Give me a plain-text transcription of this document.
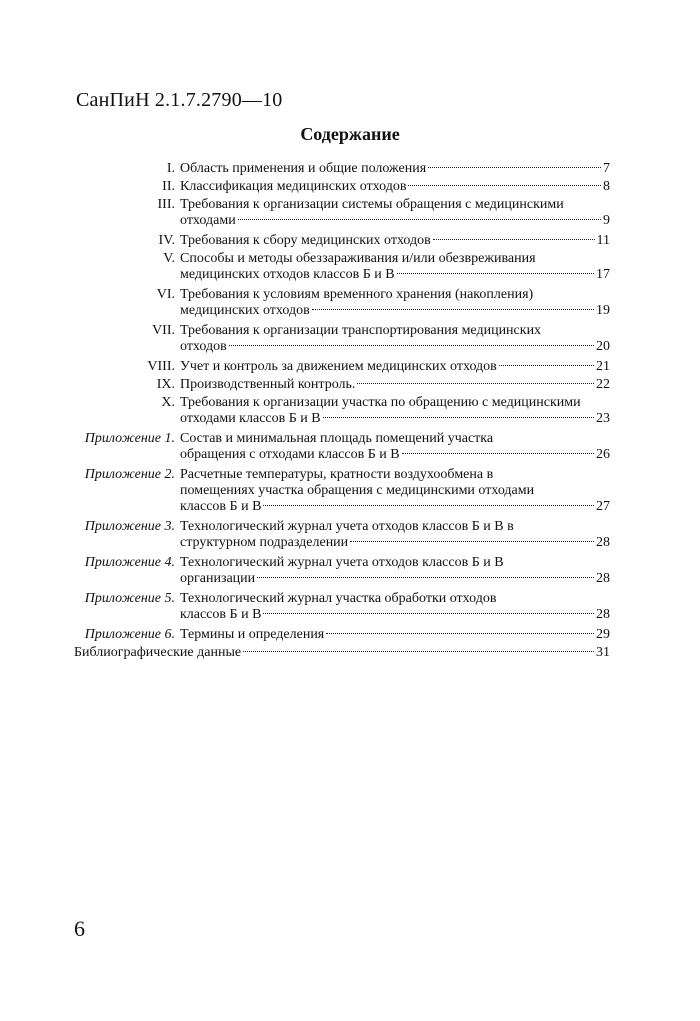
СанПиН 2.1.7.2790—10
Содержание
I. Область применения и общие положения	7
II. Классификация медицинских отходов	8
III. Требования к организации системы обращения с медицинскими
отходами	9
IV. Требования к сбору медицинских отходов	11
V. Способы и методы обеззараживания и/или обезвреживания
медицинских отходов классов Б и В	17
VI. Требования к условиям временного хранения (накопления)
медицинских отходов	19
VII. Требования к организации транспортирования медицинских
отходов	20
VIII. Учет и контроль за движением медицинских отходов	21
IX. Производственный контроль.	22
X. Требования к организации участка по обращению с медицинскими
отходами классов Б и В	23
Приложение 1. Состав и минимальная площадь помещений участка
обращения с отходами классов Б и В	26
Приложение 2. Расчетные температуры, кратности воздухообмена в
помещениях участка обращения с медицинскими отходами
классов Б и В	27
Приложение 3. Технологический журнал учета отходов классов Б и В в
структурном подразделении	28
Приложение 4. Технологический журнал учета отходов классов Б и В
организации	28
Приложение 5. Технологический журнал участка обработки отходов
классов Б и В	28
Приложение 6. Термины и определения	29
Библиографические данные	31
6
